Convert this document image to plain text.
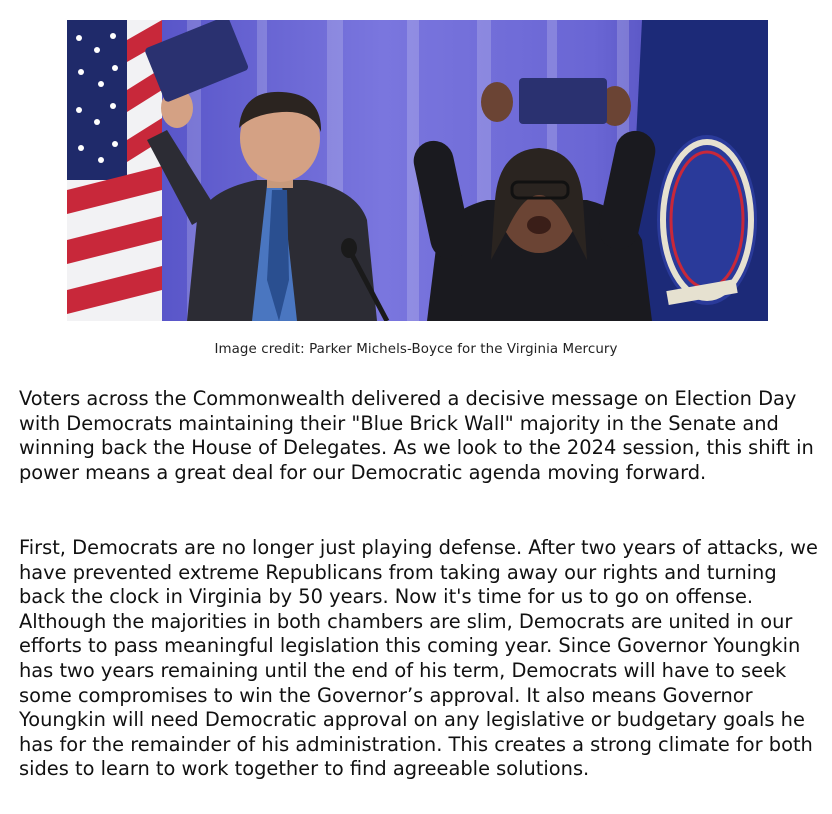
Image credit: Parker Michels-Boyce for the Virginia Mercury

Voters across the Commonwealth delivered a decisive message on Election Day with Democrats maintaining their "Blue Brick Wall" majority in the Senate and winning back the House of Delegates. As we look to the 2024 session, this shift in power means a great deal for our Democratic agenda moving forward.

First, Democrats are no longer just playing defense. After two years of attacks, we have prevented extreme Republicans from taking away our rights and turning back the clock in Virginia by 50 years. Now it's time for us to go on offense. Although the majorities in both chambers are slim, Democrats are united in our efforts to pass meaningful legislation this coming year. Since Governor Youngkin has two years remaining until the end of his term, Democrats will have to seek some compromises to win the Governor’s approval. It also means Governor Youngkin will need Democratic approval on any legislative or budgetary goals he has for the remainder of his administration. This creates a strong climate for both sides to learn to work together to find agreeable solutions.
